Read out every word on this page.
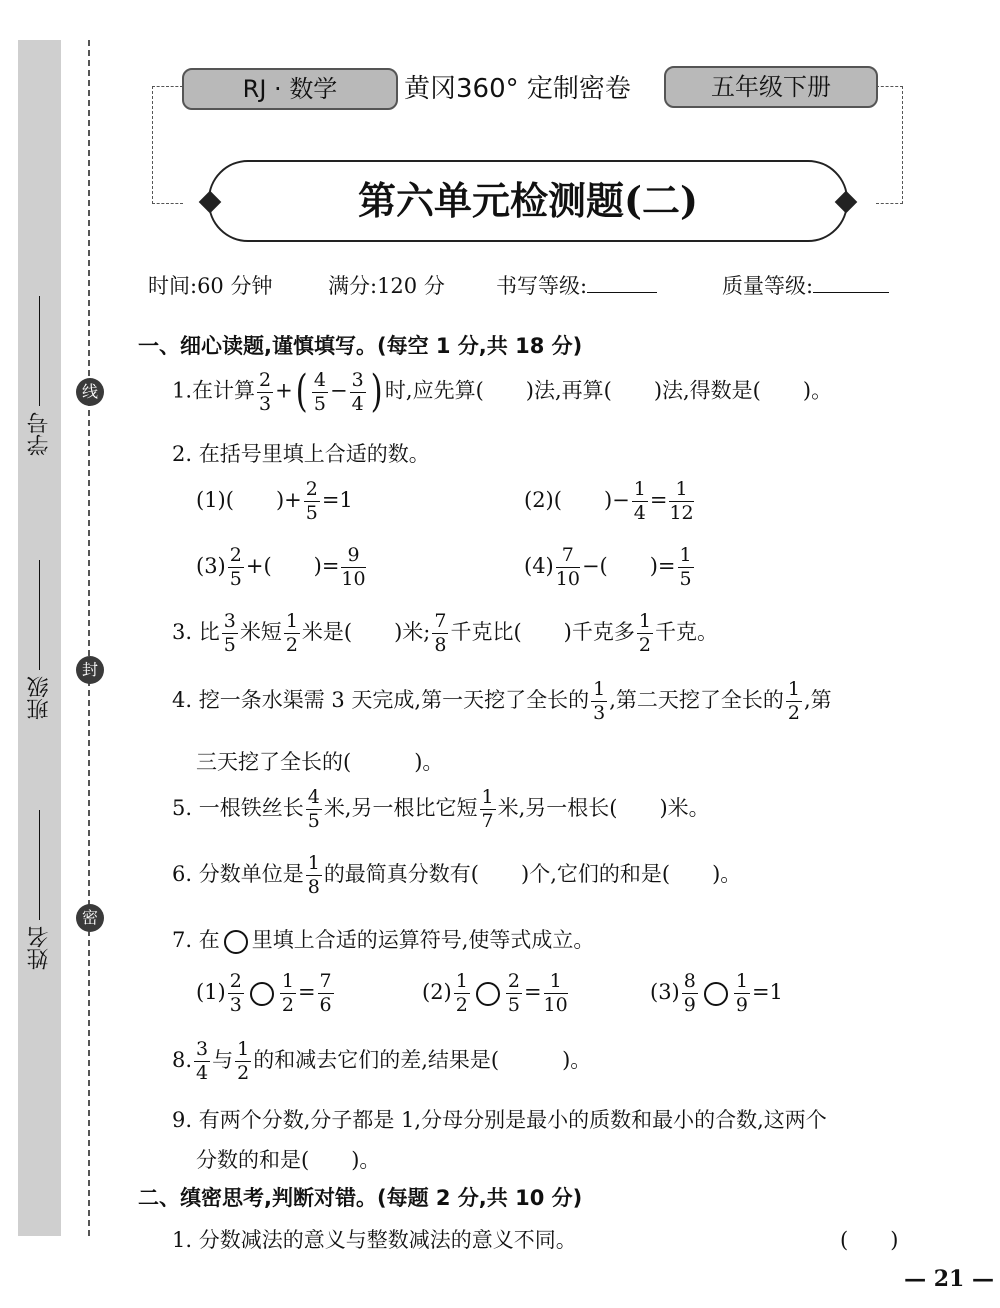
线
封
密
学号
班级
姓名
RJ · 数学	黄冈360° 定制密卷	五年级下册
第六单元检测题(二)
时间:60 分钟	满分:120 分 书写等级:	质量等级:
一、细心读题,谨慎填写。(每空 1 分,共 18 分)
1.在计算 $\frac{2}{3}$ +( $\frac{4}{5} - \frac{3}{4}$ ) 时,应先算(　　)法,再算(　　)法,得数是(　　)。
2. 在括号里填上合适的数。
(1)(　　)+ $\frac{2}{5} =1$	(2)(　　)− $\frac{1}{4} = \frac{1}{12}$
$(3) \frac{2}{5}$ +(　　)= $\frac{9}{10}$	$(4) \frac{7}{10}$ −(　　)= $\frac{1}{5}$
3. 比 $\frac{3}{5}$ 米短 $\frac{1}{2}$ 米是(　　)米; $\frac{7}{8}$ 千克比(　　)千克多 $\frac{1}{2}$ 千克。
4. 挖一条水渠需 3 天完成,第一天挖了全长的 $\frac{1}{3}$ ,第二天挖了全长的 $\frac{1}{2}$ ,第
三天挖了全长的(　　　)。
5. 一根铁丝长 $\frac{4}{5}$ 米,另一根比它短 $\frac{1}{7}$ 米,另一根长(　　)米。
6. 分数单位是 $\frac{1}{8}$ 的最简真分数有(　　)个,它们的和是(　　)。
7. 在 里填上合适的运算符号,使等式成立。
$(1) \frac{2}{3} \frac{1}{2} = \frac{7}{6}$	$(2) \frac{1}{2} \frac{2}{5} = \frac{1}{10}$	$(3) \frac{8}{9} \frac{1}{9} =1$
8. $\frac{3}{4}$ 与 $\frac{1}{2}$ 的和减去它们的差,结果是(　　　)。
9. 有两个分数,分子都是 1,分母分别是最小的质数和最小的合数,这两个
分数的和是(　　)。
二、缜密思考,判断对错。(每题 2 分,共 10 分)
1. 分数减法的意义与整数减法的意义不同。	(　　)
— 21 —
